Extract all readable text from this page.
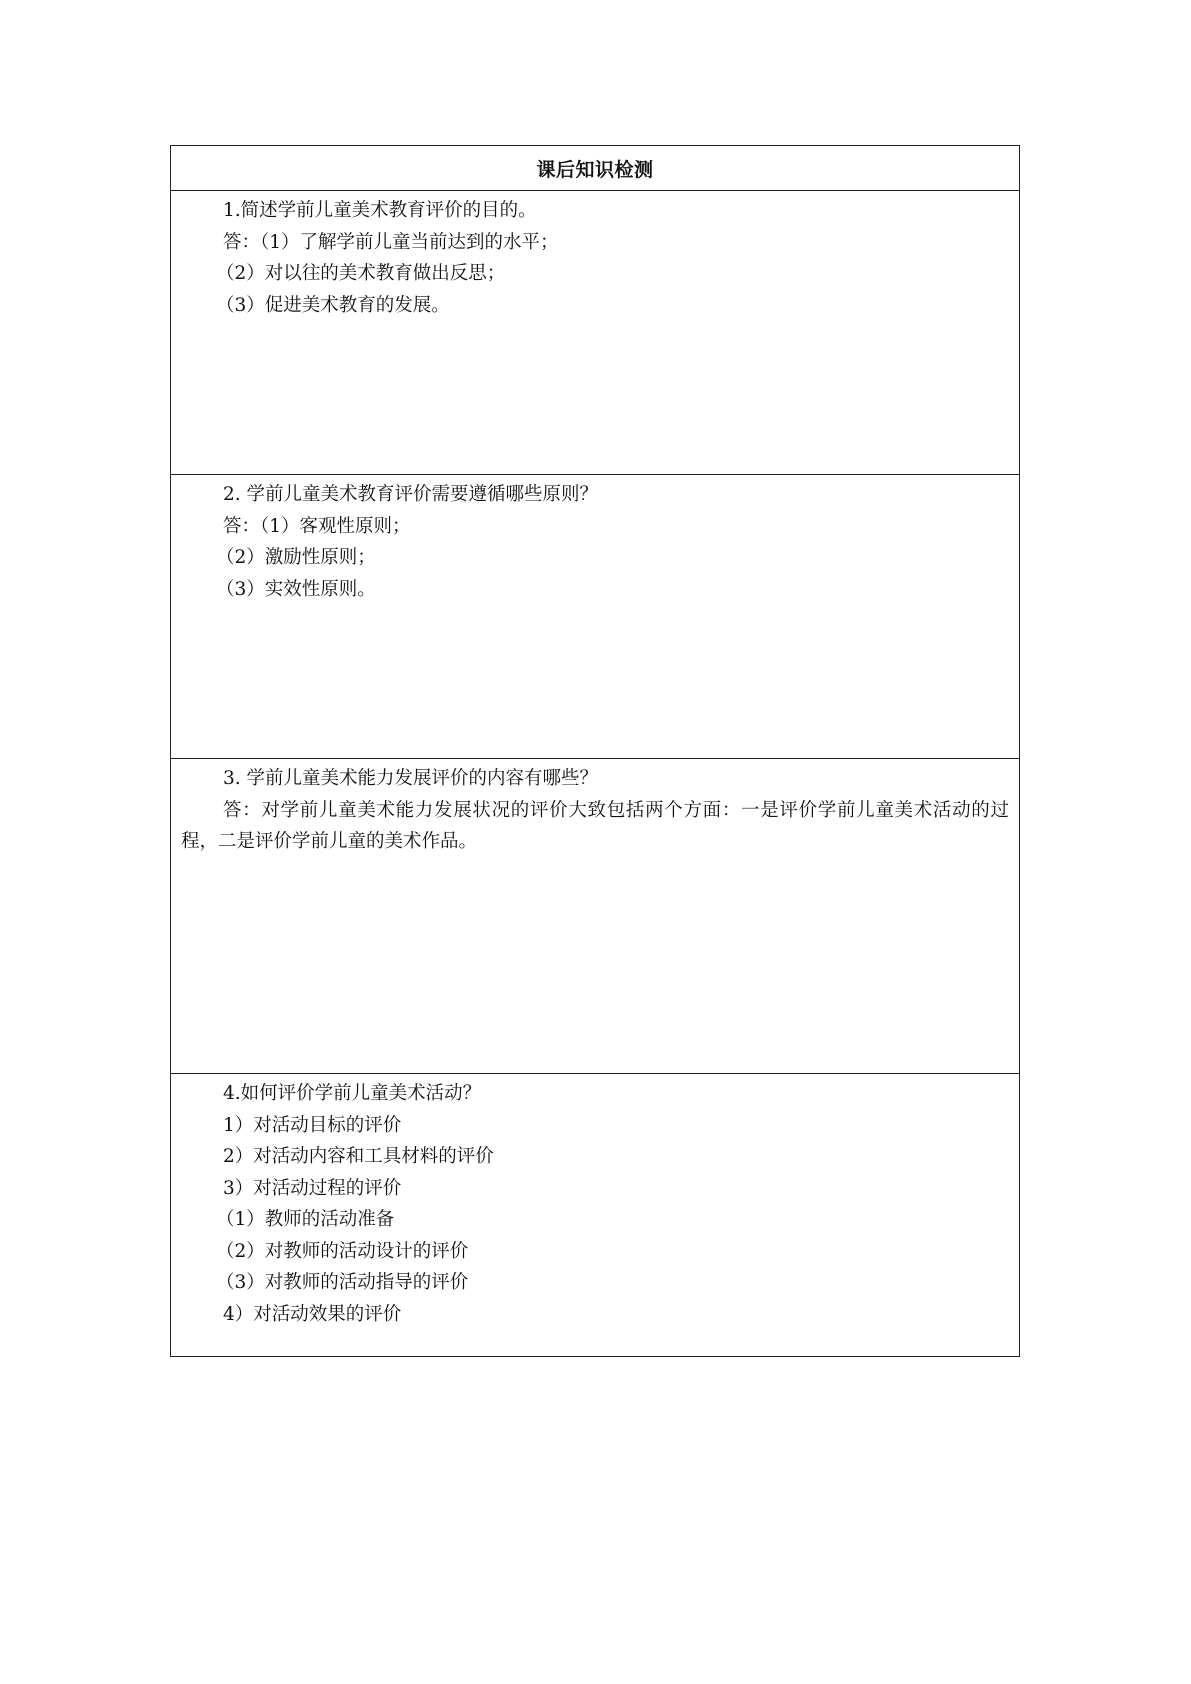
课后知识检测
1.简述学前儿童美术教育评价的目的。
答：（1）了解学前儿童当前达到的水平；
（2）对以往的美术教育做出反思；
（3）促进美术教育的发展。
2. 学前儿童美术教育评价需要遵循哪些原则？
答：（1）客观性原则；
（2）激励性原则；
（3）实效性原则。
3. 学前儿童美术能力发展评价的内容有哪些？
答：对学前儿童美术能力发展状况的评价大致包括两个方面：一是评价学前儿童美术活动的过程，二是评价学前儿童的美术作品。
4.如何评价学前儿童美术活动？
1）对活动目标的评价
2）对活动内容和工具材料的评价
3）对活动过程的评价
（1）教师的活动准备
（2）对教师的活动设计的评价
（3）对教师的活动指导的评价
4）对活动效果的评价
